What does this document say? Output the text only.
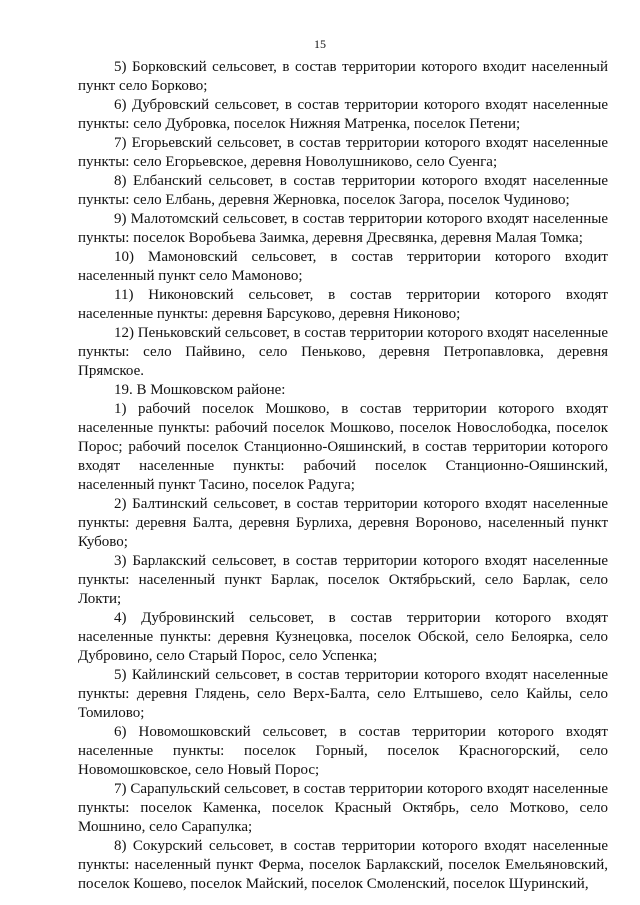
15

5) Борковский сельсовет, в состав территории которого входит населенный пункт село Борково;

6) Дубровский сельсовет, в состав территории которого входят населенные пункты: село Дубровка, поселок Нижняя Матренка, поселок Петени;

7) Егорьевский сельсовет, в состав территории которого входят населенные пункты: село Егорьевское, деревня Новолушниково, село Суенга;

8) Елбанский сельсовет, в состав территории которого входят населенные пункты: село Елбань, деревня Жерновка, поселок Загора, поселок Чудиново;

9) Малотомский сельсовет, в состав территории которого входят населенные пункты: поселок Воробьева Заимка, деревня Дресвянка, деревня Малая Томка;

10) Мамоновский сельсовет, в состав территории которого входит населенный пункт село Мамоново;

11) Никоновский сельсовет, в состав территории которого входят населенные пункты: деревня Барсуково, деревня Никоново;

12) Пеньковский сельсовет, в состав территории которого входят населенные пункты: село Пайвино, село Пеньково, деревня Петропавловка, деревня Прямское.

19. В Мошковском районе:

1) рабочий поселок Мошково, в состав территории которого входят населенные пункты: рабочий поселок Мошково, поселок Новослободка, поселок Порос; рабочий поселок Станционно-Ояшинский, в состав территории которого входят населенные пункты: рабочий поселок Станционно-Ояшинский, населенный пункт Тасино, поселок Радуга;

2) Балтинский сельсовет, в состав территории которого входят населенные пункты: деревня Балта, деревня Бурлиха, деревня Вороново, населенный пункт Кубово;

3) Барлакский сельсовет, в состав территории которого входят населенные пункты: населенный пункт Барлак, поселок Октябрьский, село Барлак, село Локти;

4) Дубровинский сельсовет, в состав территории которого входят населенные пункты: деревня Кузнецовка, поселок Обской, село Белоярка, село Дубровино, село Старый Порос, село Успенка;

5) Кайлинский сельсовет, в состав территории которого входят населенные пункты: деревня Глядень, село Верх-Балта, село Елтышево, село Кайлы, село Томилово;

6) Новомошковский сельсовет, в состав территории которого входят населенные пункты: поселок Горный, поселок Красногорский, село Новомошковское, село Новый Порос;

7) Сарапульский сельсовет, в состав территории которого входят населенные пункты: поселок Каменка, поселок Красный Октябрь, село Мотково, село Мошнино, село Сарапулка;

8) Сокурский сельсовет, в состав территории которого входят населенные пункты: населенный пункт Ферма, поселок Барлакский, поселок Емельяновский, поселок Кошево, поселок Майский, поселок Смоленский, поселок Шуринский,
